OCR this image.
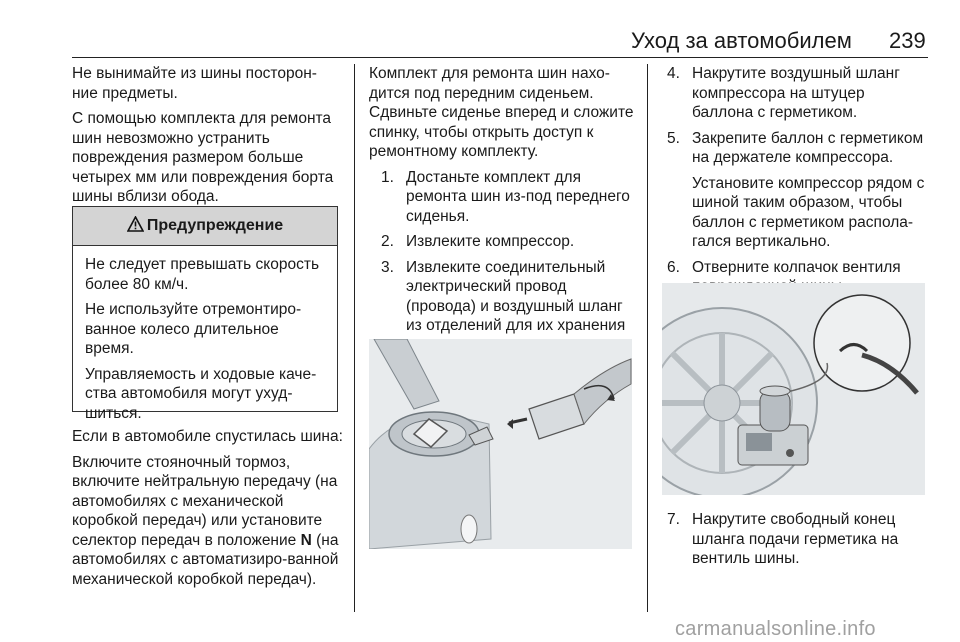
Уход за автомобилем 239

Не вынимайте из шины посторон-ние предметы.

С помощью комплекта для ремонта шин невозможно устранить повреждения размером больше четырех мм или повреждения борта шины вблизи обода.

Предупреждение

Не следует превышать скорость более 80 км/ч.

Не используйте отремонтиро-ванное колесо длительное время.

Управляемость и ходовые каче-ства автомобиля могут ухуд-шиться.

Если в автомобиле спустилась шина:

Включите стояночный тормоз, включите нейтральную передачу (на автомобилях с механической коробкой передач) или установите селектор передач в положение N (на автомобилях с автоматизиро-ванной механической коробкой передач).

Комплект для ремонта шин нахо-дится под передним сиденьем. Сдвиньте сиденье вперед и сложите спинку, чтобы открыть доступ к ремонтному комплекту.

1. Достаньте комплект для ремонта шин из-под переднего сиденья.
2. Извлеките компрессор.
3. Извлеките соединительный электрический провод (провода) и воздушный шланг из отделений для их хранения
4. Накрутите воздушный шланг компрессора на штуцер баллона с герметиком.
5. Закрепите баллон с герметиком на держателе компрессора.

Установите компрессор рядом с шиной таким образом, чтобы баллон с герметиком распола-гался вертикально.

6. Отверните колпачок вентиля
7. Накрутите свободный конец шланга подачи герметика на вентиль шины.
carmanualsonline.info
